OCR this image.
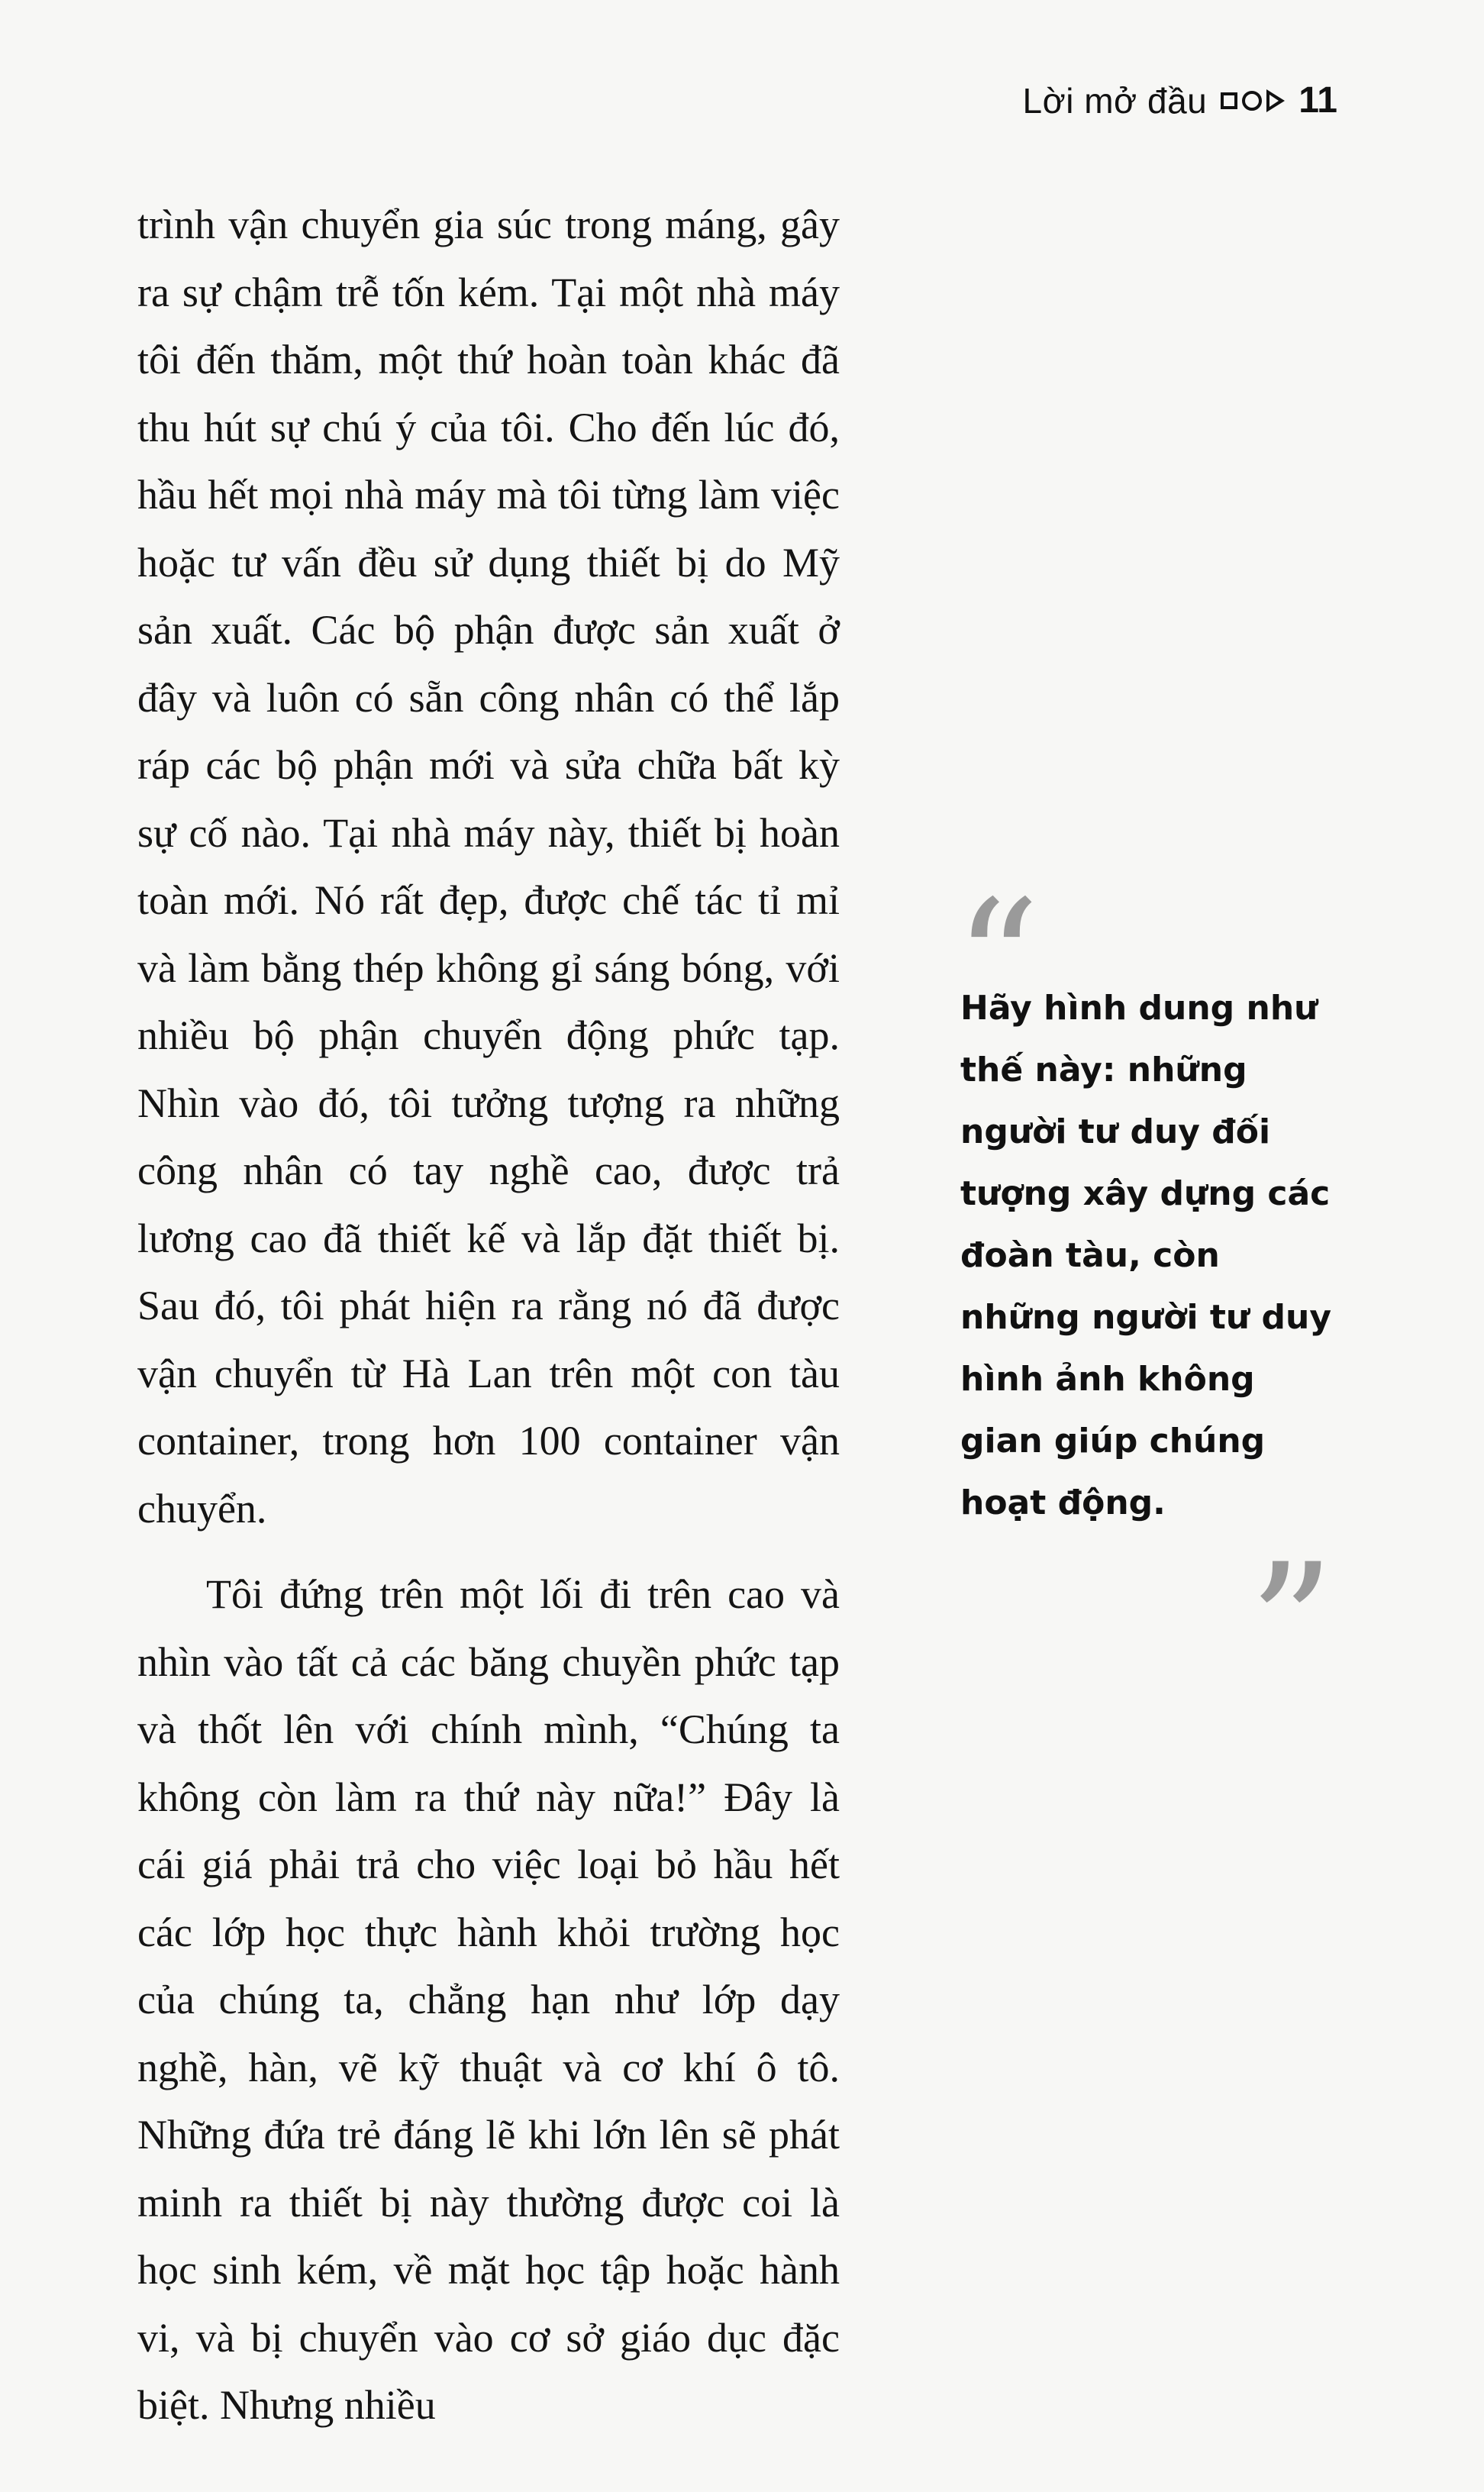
Lời mở đầu	11

trình vận chuyển gia súc trong máng, gây ra sự chậm trễ tốn kém. Tại một nhà máy tôi đến thăm, một thứ hoàn toàn khác đã thu hút sự chú ý của tôi. Cho đến lúc đó, hầu hết mọi nhà máy mà tôi từng làm việc hoặc tư vấn đều sử dụng thiết bị do Mỹ sản xuất. Các bộ phận được sản xuất ở đây và luôn có sẵn công nhân có thể lắp ráp các bộ phận mới và sửa chữa bất kỳ sự cố nào. Tại nhà máy này, thiết bị hoàn toàn mới. Nó rất đẹp, được chế tác tỉ mỉ và làm bằng thép không gỉ sáng bóng, với nhiều bộ phận chuyển động phức tạp. Nhìn vào đó, tôi tưởng tượng ra những công nhân có tay nghề cao, được trả lương cao đã thiết kế và lắp đặt thiết bị. Sau đó, tôi phát hiện ra rằng nó đã được vận chuyển từ Hà Lan trên một con tàu container, trong hơn 100 container vận chuyển.

Tôi đứng trên một lối đi trên cao và nhìn vào tất cả các băng chuyền phức tạp và thốt lên với chính mình, “Chúng ta không còn làm ra thứ này nữa!” Đây là cái giá phải trả cho việc loại bỏ hầu hết các lớp học thực hành khỏi trường học của chúng ta, chẳng hạn như lớp dạy nghề, hàn, vẽ kỹ thuật và cơ khí ô tô. Những đứa trẻ đáng lẽ khi lớn lên sẽ phát minh ra thiết bị này thường được coi là học sinh kém, về mặt học tập hoặc hành vi, và bị chuyển vào cơ sở giáo dục đặc biệt. Nhưng nhiều

“
Hãy hình dung như thế này: những người tư duy đối tượng xây dựng các đoàn tàu, còn những người tư duy hình ảnh không gian giúp chúng hoạt động.
”
